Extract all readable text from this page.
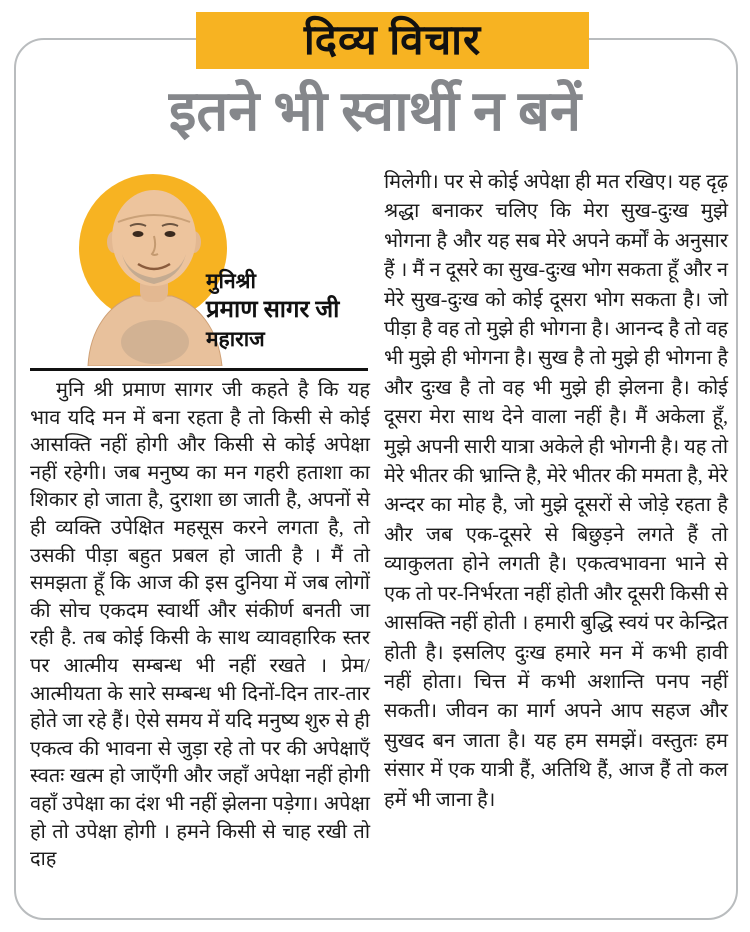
दिव्य विचार
इतने भी स्वार्थी न बनें
मुनिश्री
प्रमाण सागर जी
महाराज
मुनि श्री प्रमाण सागर जी कहते है कि यह भाव यदि मन में बना रहता है तो किसी से कोई आसक्ति नहीं होगी और किसी से कोई अपेक्षा नहीं रहेगी। जब मनुष्य का मन गहरी हताशा का शिकार हो जाता है, दुराशा छा जाती है, अपनों से ही व्यक्ति उपेक्षित महसूस करने लगता है, तो उसकी पीड़ा बहुत प्रबल हो जाती है । मैं तो समझता हूँ कि आज की इस दुनिया में जब लोगों की सोच एकदम स्वार्थी और संकीर्ण बनती जा रही है. तब कोई किसी के साथ व्यावहारिक स्तर पर आत्मीय सम्बन्ध भी नहीं रखते । प्रेम/आत्मीयता के सारे सम्बन्ध भी दिनों-दिन तार-तार होते जा रहे हैं। ऐसे समय में यदि मनुष्य शुरु से ही एकत्व की भावना से जुड़ा रहे तो पर की अपेक्षाएँ स्वतः खत्म हो जाएँगी और जहाँ अपेक्षा नहीं होगी वहाँ उपेक्षा का दंश भी नहीं झेलना पड़ेगा। अपेक्षा हो तो उपेक्षा होगी । हमने किसी से चाह रखी तो दाह
मिलेगी। पर से कोई अपेक्षा ही मत रखिए। यह दृढ़ श्रद्धा बनाकर चलिए कि मेरा सुख-दुःख मुझे भोगना है और यह सब मेरे अपने कर्मों के अनुसार हैं । मैं न दूसरे का सुख-दुःख भोग सकता हूँ और न मेरे सुख-दुःख को कोई दूसरा भोग सकता है। जो पीड़ा है वह तो मुझे ही भोगना है। आनन्द है तो वह भी मुझे ही भोगना है। सुख है तो मुझे ही भोगना है और दुःख है तो वह भी मुझे ही झेलना है। कोई दूसरा मेरा साथ देने वाला नहीं है। मैं अकेला हूँ, मुझे अपनी सारी यात्रा अकेले ही भोगनी है। यह तो मेरे भीतर की भ्रान्ति है, मेरे भीतर की ममता है, मेरे अन्दर का मोह है, जो मुझे दूसरों से जोड़े रहता है और जब एक-दूसरे से बिछुड़ने लगते हैं तो व्याकुलता होने लगती है। एकत्वभावना भाने से एक तो पर-निर्भरता नहीं होती और दूसरी किसी से आसक्ति नहीं होती । हमारी बुद्धि स्वयं पर केन्द्रित होती है। इसलिए दुःख हमारे मन में कभी हावी नहीं होता। चित्त में कभी अशान्ति पनप नहीं सकती। जीवन का मार्ग अपने आप सहज और सुखद बन जाता है। यह हम समझें। वस्तुतः हम संसार में एक यात्री हैं, अतिथि हैं, आज हैं तो कल हमें भी जाना है।
